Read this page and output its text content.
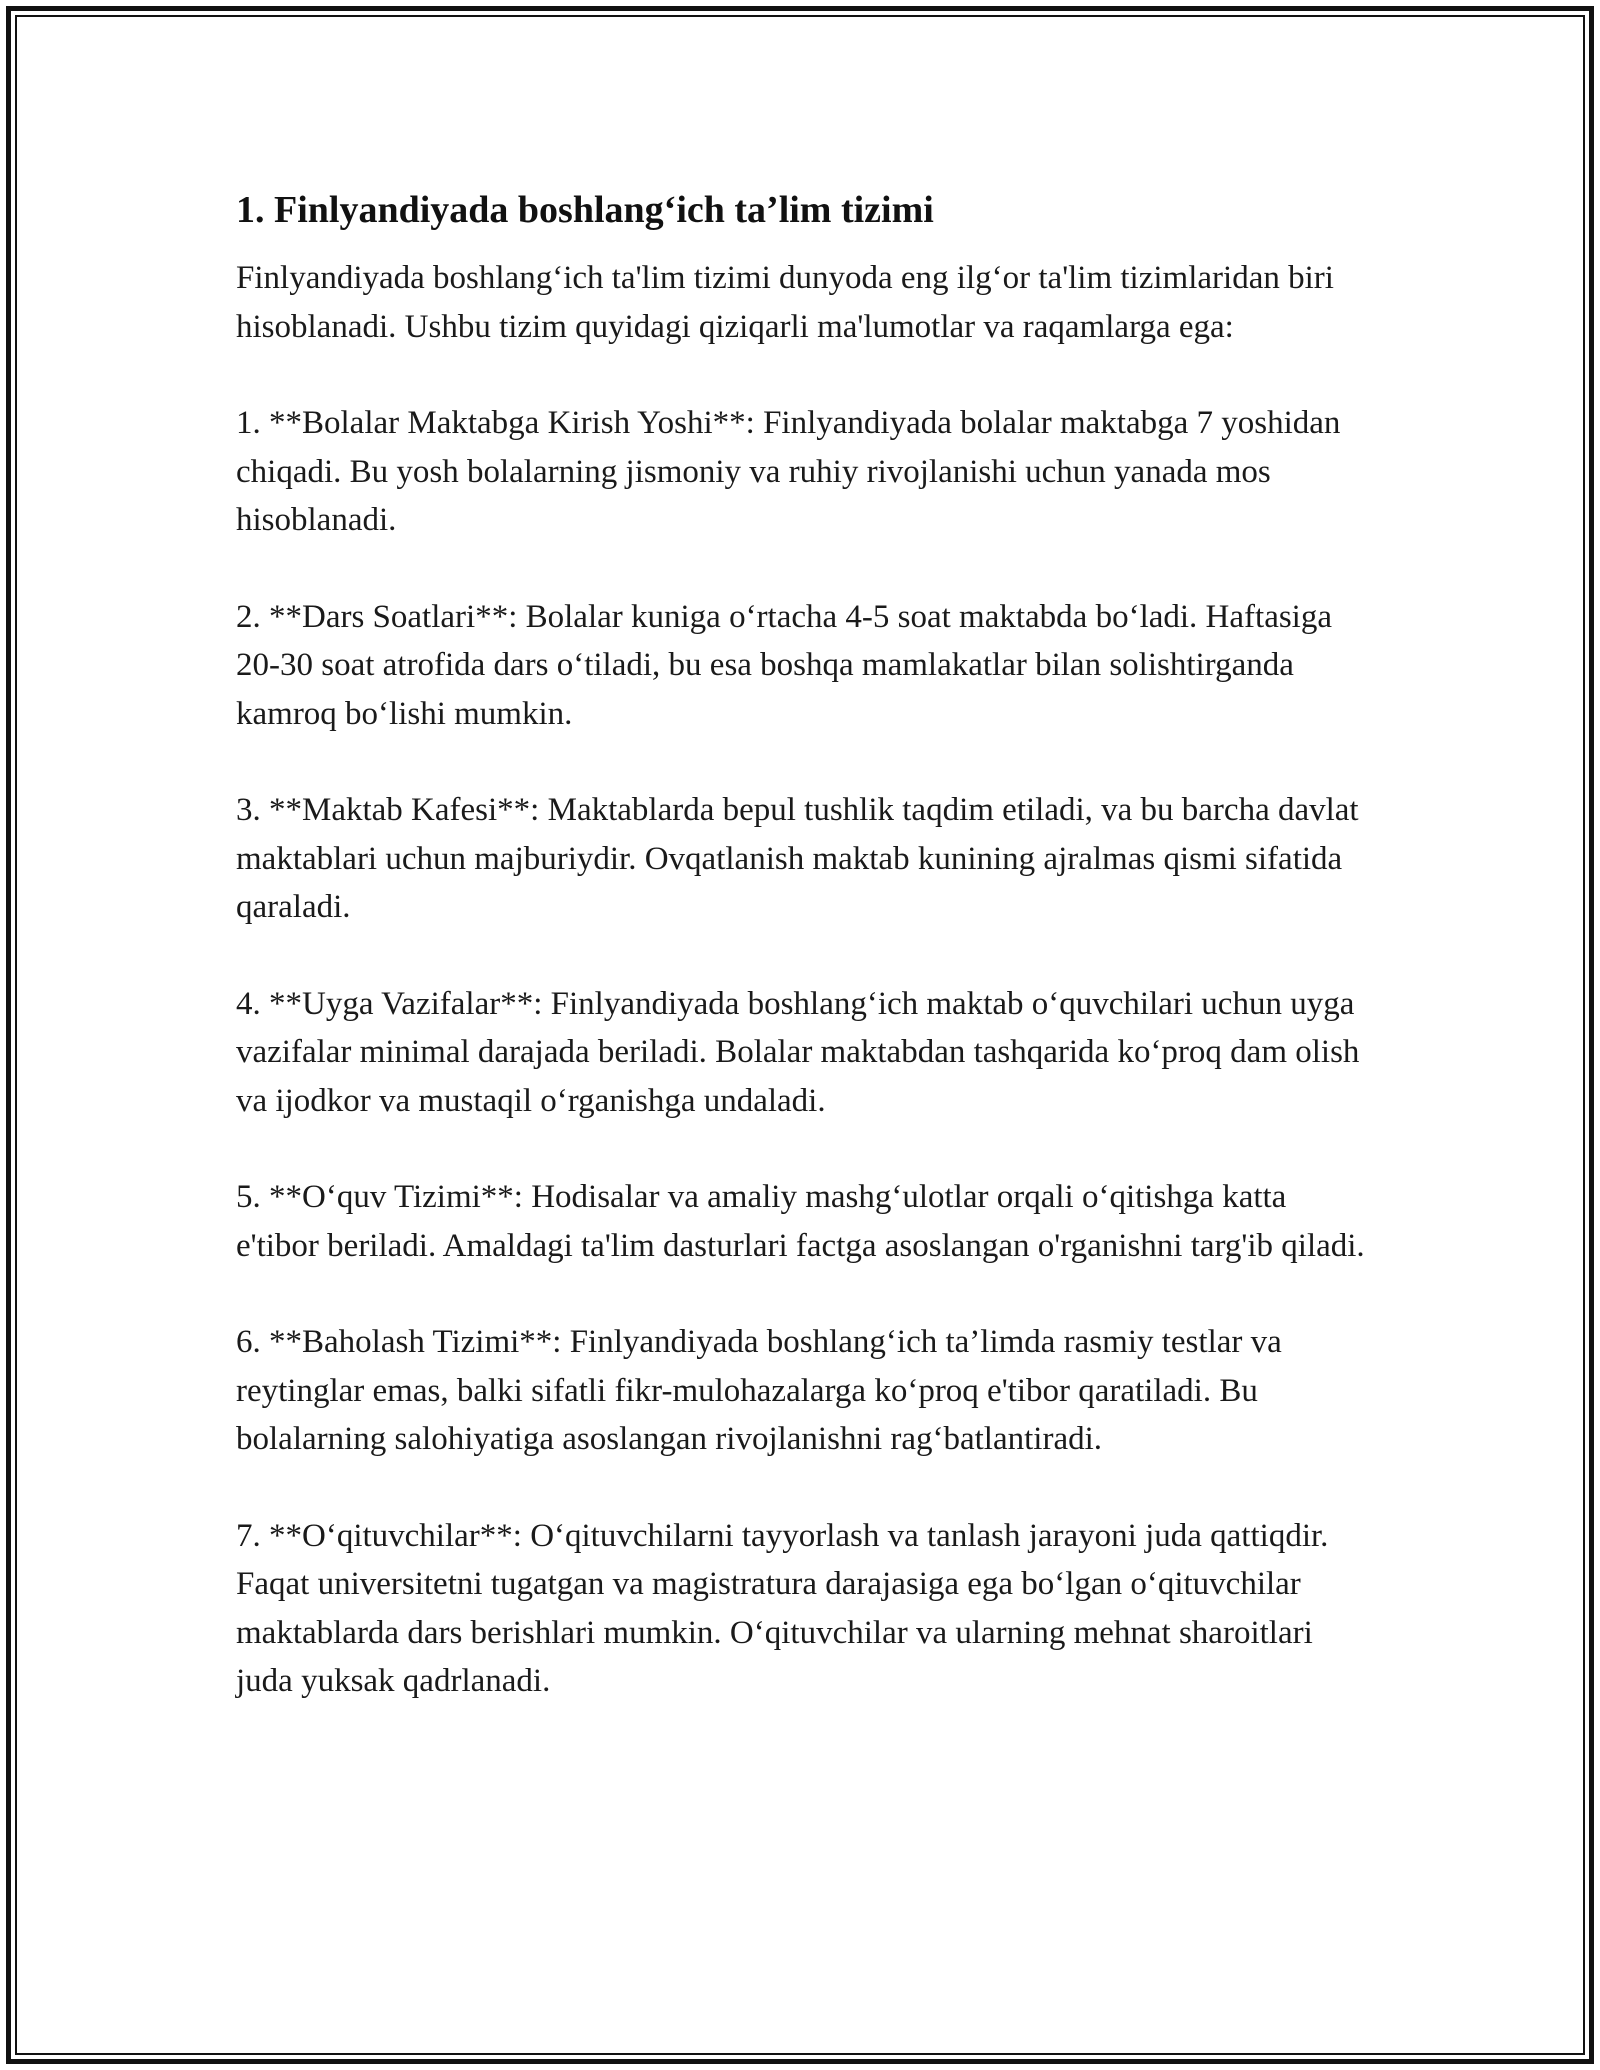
1. Finlyandiyada boshlang‘ich ta’lim tizimi

Finlyandiyada boshlang‘ich ta'lim tizimi dunyoda eng ilg‘or ta'lim tizimlaridan biri hisoblanadi. Ushbu tizim quyidagi qiziqarli ma'lumotlar va raqamlarga ega:

1. **Bolalar Maktabga Kirish Yoshi**: Finlyandiyada bolalar maktabga 7 yoshidan chiqadi. Bu yosh bolalarning jismoniy va ruhiy rivojlanishi uchun yanada mos hisoblanadi.

2. **Dars Soatlari**: Bolalar kuniga o‘rtacha 4-5 soat maktabda bo‘ladi. Haftasiga 20-30 soat atrofida dars o‘tiladi, bu esa boshqa mamlakatlar bilan solishtirganda kamroq bo‘lishi mumkin.

3. **Maktab Kafesi**: Maktablarda bepul tushlik taqdim etiladi, va bu barcha davlat maktablari uchun majburiydir. Ovqatlanish maktab kunining ajralmas qismi sifatida qaraladi.

4. **Uyga Vazifalar**: Finlyandiyada boshlang‘ich maktab o‘quvchilari uchun uyga vazifalar minimal darajada beriladi. Bolalar maktabdan tashqarida ko‘proq dam olish va ijodkor va mustaqil o‘rganishga undaladi.

5. **O‘quv Tizimi**: Hodisalar va amaliy mashg‘ulotlar orqali o‘qitishga katta e'tibor beriladi. Amaldagi ta'lim dasturlari factga asoslangan o'rganishni targ'ib qiladi.

6. **Baholash Tizimi**: Finlyandiyada boshlang‘ich ta’limda rasmiy testlar va reytinglar emas, balki sifatli fikr-mulohazalarga ko‘proq e'tibor qaratiladi. Bu bolalarning salohiyatiga asoslangan rivojlanishni rag‘batlantiradi.

7. **O‘qituvchilar**: O‘qituvchilarni tayyorlash va tanlash jarayoni juda qattiqdir. Faqat universitetni tugatgan va magistratura darajasiga ega bo‘lgan o‘qituvchilar maktablarda dars berishlari mumkin. O‘qituvchilar va ularning mehnat sharoitlari juda yuksak qadrlanadi.
